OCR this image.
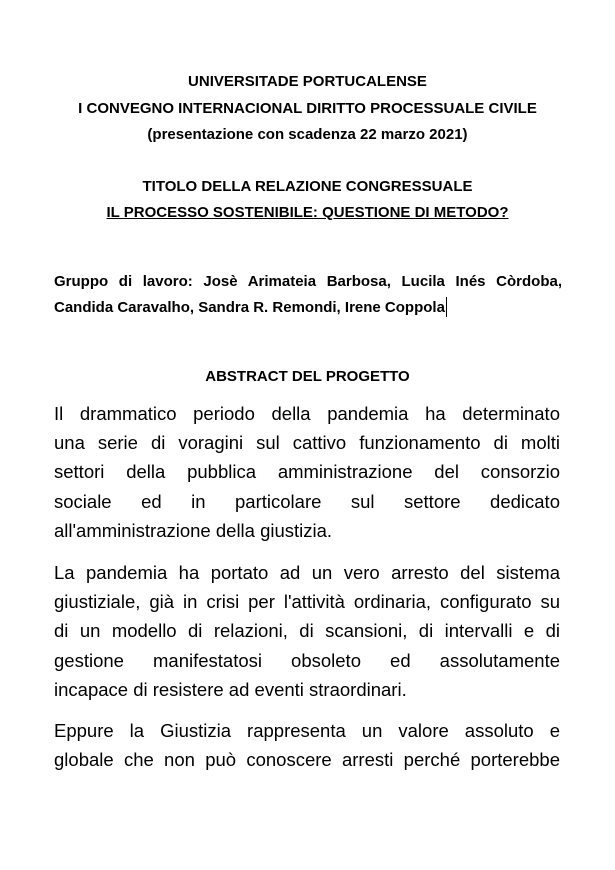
UNIVERSITADE PORTUCALENSE
I CONVEGNO INTERNACIONAL DIRITTO PROCESSUALE CIVILE
(presentazione con scadenza 22 marzo 2021)
TITOLO DELLA RELAZIONE CONGRESSUALE
IL PROCESSO SOSTENIBILE: QUESTIONE DI METODO?
Gruppo di lavoro: Josè Arimateia Barbosa, Lucila Inés Còrdoba,
Candida Caravalho, Sandra R. Remondi, Irene Coppola
ABSTRACT DEL PROGETTO
Il drammatico periodo della pandemia ha determinato
una serie di voragini sul cattivo funzionamento di molti
settori della pubblica amministrazione del consorzio
sociale ed in particolare sul settore dedicato
all'amministrazione della giustizia.
La pandemia ha portato ad un vero arresto del sistema
giustiziale, già in crisi per l'attività ordinaria, configurato su
di un modello di relazioni, di scansioni, di intervalli e di
gestione manifestatosi obsoleto ed assolutamente
incapace di resistere ad eventi straordinari.
Eppure la Giustizia rappresenta un valore assoluto e
globale che non può conoscere arresti perché porterebbe
